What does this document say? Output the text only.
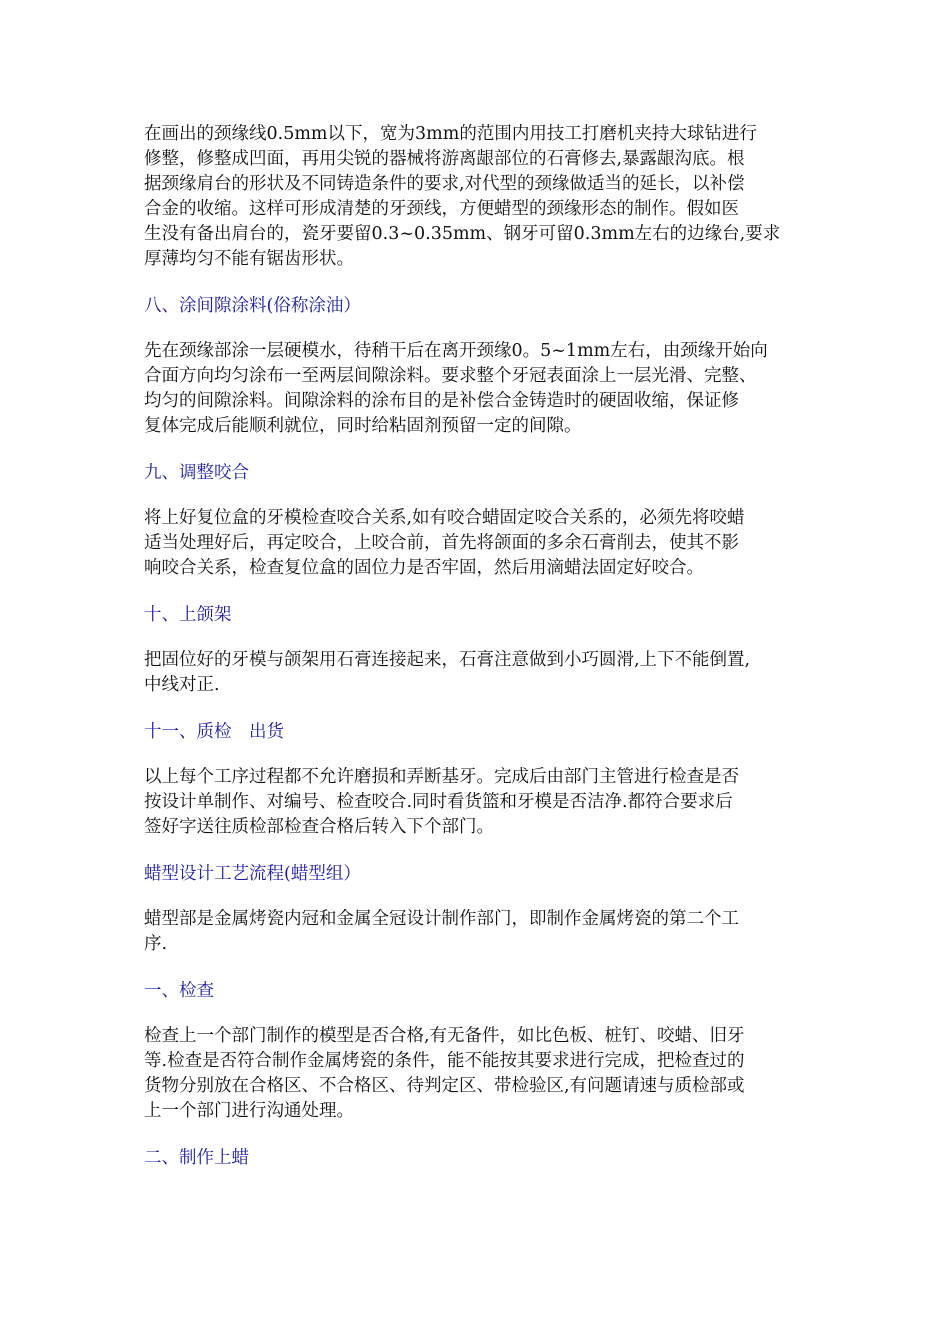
在画出的颈缘线0.5mm以下，宽为3mm的范围内用技工打磨机夹持大球钻进行
修整，修整成凹面，再用尖锐的器械将游离龈部位的石膏修去,暴露龈沟底。根
据颈缘肩台的形状及不同铸造条件的要求,对代型的颈缘做适当的延长，以补偿
合金的收缩。这样可形成清楚的牙颈线，方便蜡型的颈缘形态的制作。假如医
生没有备出肩台的，瓷牙要留0.3~0.35mm、钢牙可留0.3mm左右的边缘台,要求
厚薄均匀不能有锯齿形状。
八、涂间隙涂料(俗称涂油）
先在颈缘部涂一层硬模水，待稍干后在离开颈缘0。5~1mm左右，由颈缘开始向
合面方向均匀涂布一至两层间隙涂料。要求整个牙冠表面涂上一层光滑、完整、
均匀的间隙涂料。间隙涂料的涂布目的是补偿合金铸造时的硬固收缩，保证修
复体完成后能顺利就位，同时给粘固剂预留一定的间隙。
九、调整咬合
将上好复位盒的牙模检查咬合关系,如有咬合蜡固定咬合关系的，必须先将咬蜡
适当处理好后，再定咬合，上咬合前，首先将颌面的多余石膏削去，使其不影
响咬合关系，检查复位盒的固位力是否牢固，然后用滴蜡法固定好咬合。
十、上颌架
把固位好的牙模与颌架用石膏连接起来，石膏注意做到小巧圆滑,上下不能倒置,
中线对正.
十一、质检　出货
以上每个工序过程都不允许磨损和弄断基牙。完成后由部门主管进行检查是否
按设计单制作、对编号、检查咬合.同时看货篮和牙模是否洁净.都符合要求后
签好字送往质检部检查合格后转入下个部门。
蜡型设计工艺流程(蜡型组）
蜡型部是金属烤瓷内冠和金属全冠设计制作部门，即制作金属烤瓷的第二个工
序.
一、检查
检查上一个部门制作的模型是否合格,有无备件，如比色板、桩钉、咬蜡、旧牙
等.检查是否符合制作金属烤瓷的条件，能不能按其要求进行完成，把检查过的
货物分别放在合格区、不合格区、待判定区、带检验区,有问题请速与质检部或
上一个部门进行沟通处理。
二、制作上蜡
